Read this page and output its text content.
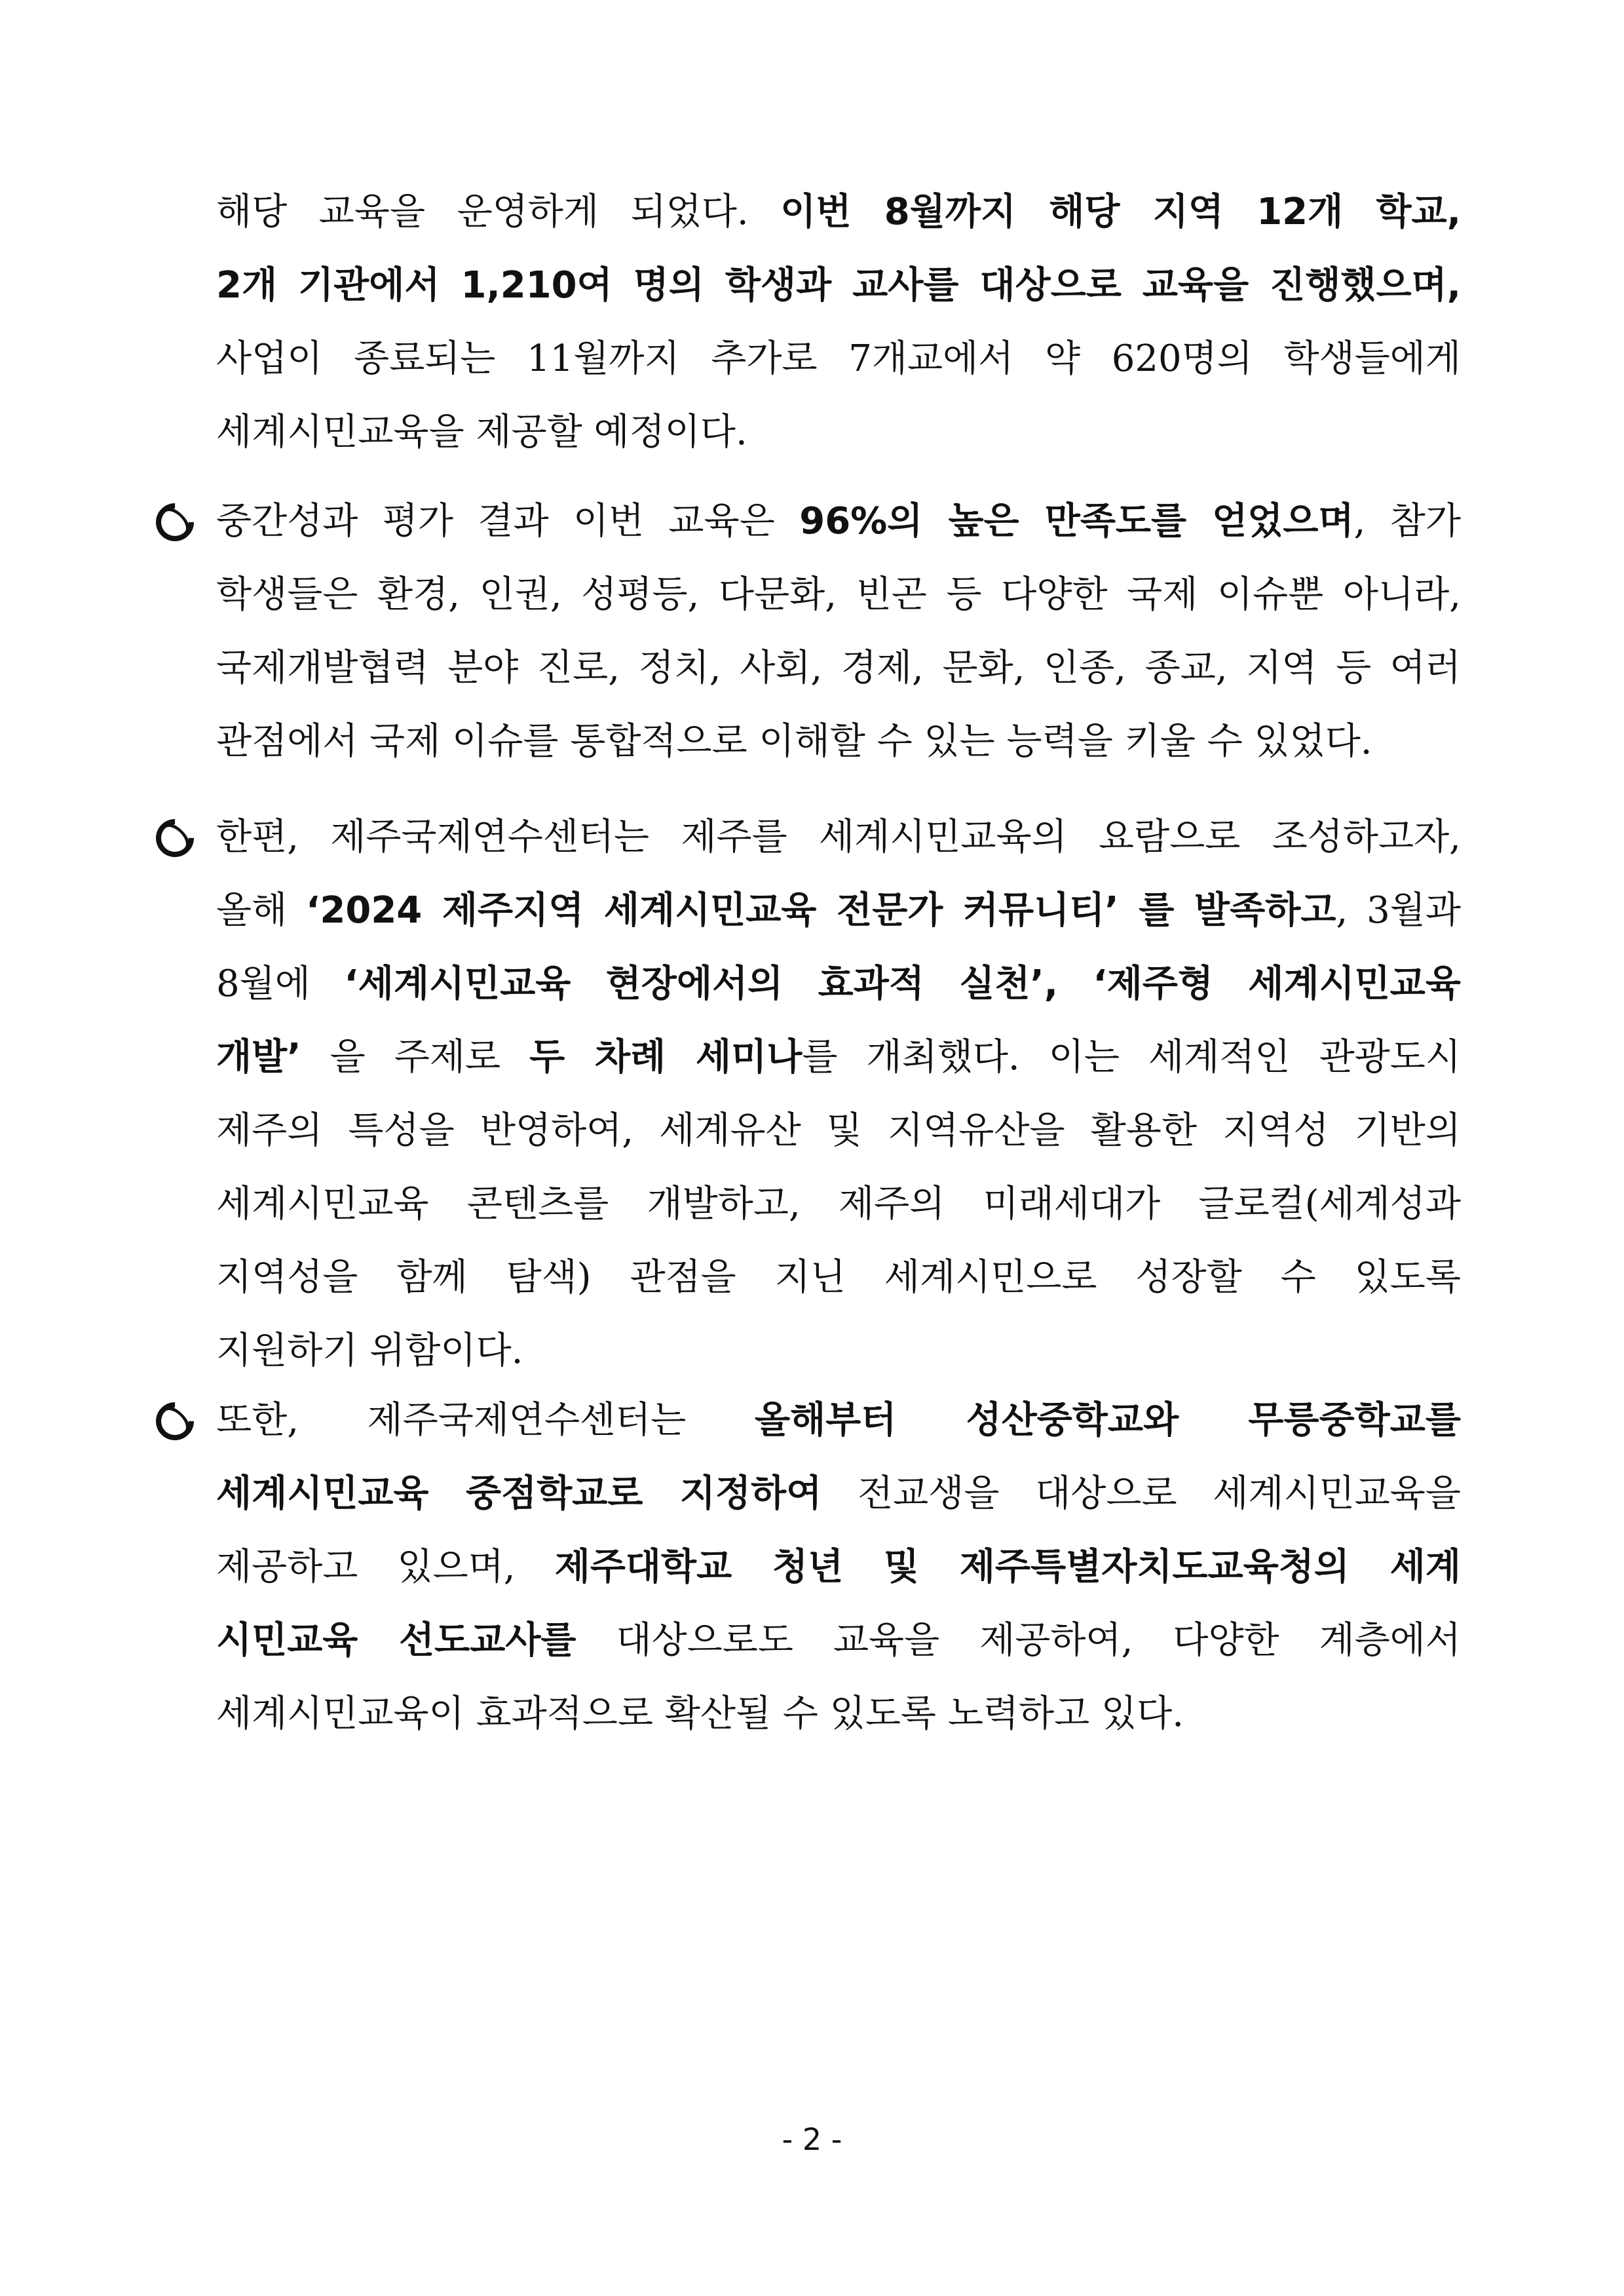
해당 교육을 운영하게 되었다. 이번 8월까지 해당 지역 12개 학교,
2개 기관에서 1,210여 명의 학생과 교사를 대상으로 교육을 진행했으며,
사업이 종료되는 11월까지 추가로 7개교에서 약 620명의 학생들에게
세계시민교육을 제공할 예정이다.
중간성과 평가 결과 이번 교육은 96%의 높은 만족도를 얻었으며, 참가
학생들은 환경, 인권, 성평등, 다문화, 빈곤 등 다양한 국제 이슈뿐 아니라,
국제개발협력 분야 진로, 정치, 사회, 경제, 문화, 인종, 종교, 지역 등 여러
관점에서 국제 이슈를 통합적으로 이해할 수 있는 능력을 키울 수 있었다.
한편, 제주국제연수센터는 제주를 세계시민교육의 요람으로 조성하고자,
올해 ‘2024 제주지역 세계시민교육 전문가 커뮤니티’ 를 발족하고, 3월과
8월에 ‘세계시민교육 현장에서의 효과적 실천’, ‘제주형 세계시민교육
개발’ 을 주제로 두 차례 세미나를 개최했다. 이는 세계적인 관광도시
제주의 특성을 반영하여, 세계유산 및 지역유산을 활용한 지역성 기반의
세계시민교육 콘텐츠를 개발하고, 제주의 미래세대가 글로컬(세계성과
지역성을 함께 탐색) 관점을 지닌 세계시민으로 성장할 수 있도록
지원하기 위함이다.
또한, 제주국제연수센터는 올해부터 성산중학교와 무릉중학교를
세계시민교육 중점학교로 지정하여 전교생을 대상으로 세계시민교육을
제공하고 있으며, 제주대학교 청년 및 제주특별자치도교육청의 세계
시민교육 선도교사를 대상으로도 교육을 제공하여, 다양한 계층에서
세계시민교육이 효과적으로 확산될 수 있도록 노력하고 있다.
- 2 -
